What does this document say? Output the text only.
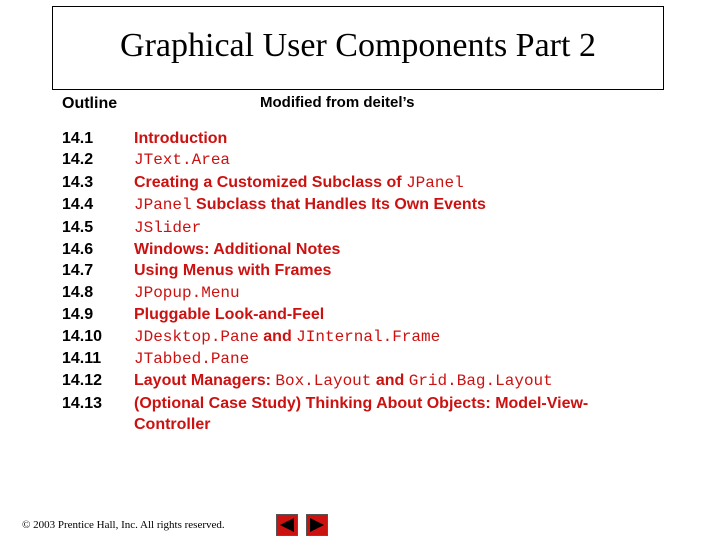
Graphical User Components Part 2
Outline	Modified from deitel’s
14.1	Introduction
14.2	JText.Area
14.3	Creating a Customized Subclass of JPanel
14.4	JPanel Subclass that Handles Its Own Events
14.5	JSlider
14.6	Windows: Additional Notes
14.7	Using Menus with Frames
14.8	JPopup.Menu
14.9	Pluggable Look-and-Feel
14.10	JDesktop.Pane and JInternal.Frame
14.11	JTabbed.Pane
14.12	Layout Managers: Box.Layout and Grid.Bag.Layout
14.13	(Optional Case Study) Thinking About Objects: Model-View-Controller
© 2003 Prentice Hall, Inc. All rights reserved.
